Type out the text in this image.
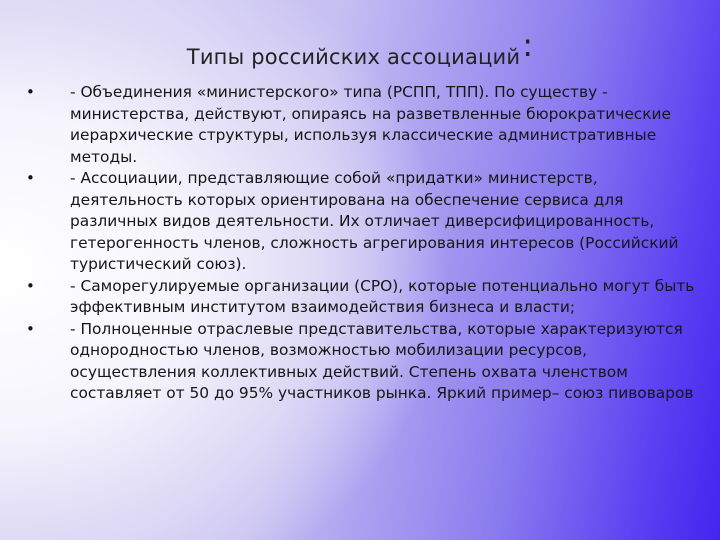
Типы российских ассоциаций:
• - Объединения «министерского» типа (РСПП, ТПП). По существу - министерства, действуют, опираясь на разветвленные бюрократические иерархические структуры, используя классические административные методы.
• - Ассоциации, представляющие собой «придатки» министерств, деятельность которых ориентирована на обеспечение сервиса для различных видов деятельности. Их отличает диверсифицированность, гетерогенность членов, сложность агрегирования интересов (Российский туристический союз).
• - Саморегулируемые организации (СРО), которые потенциально могут быть эффективным институтом взаимодействия бизнеса и власти;
• - Полноценные отраслевые представительства, которые характеризуются однородностью членов, возможностью мобилизации ресурсов, осуществления коллективных действий. Степень охвата членством составляет от 50 до 95% участников рынка. Яркий пример– союз пивоваров
